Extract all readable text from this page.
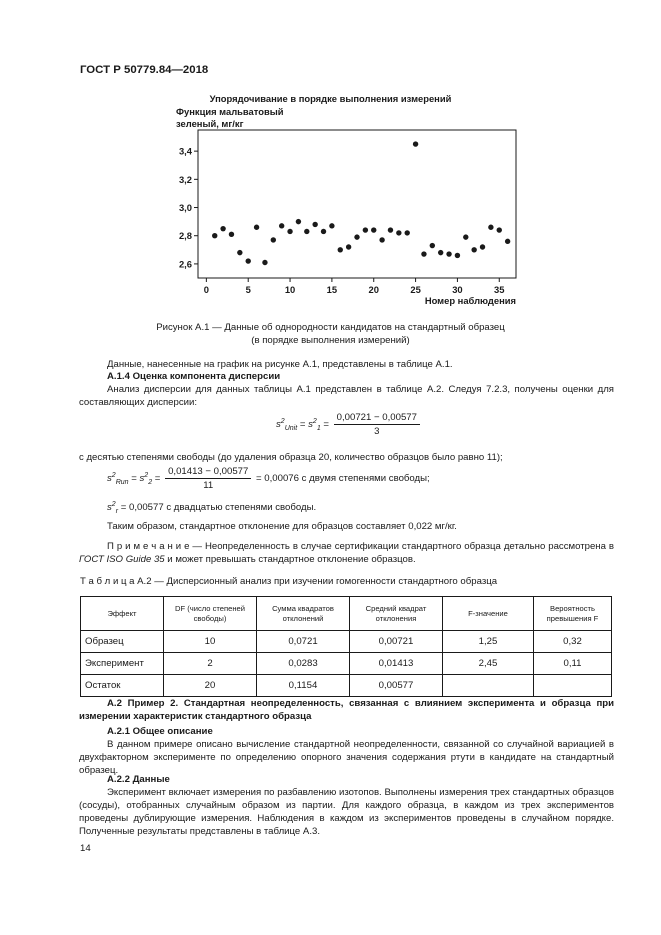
ГОСТ Р 50779.84—2018
Упорядочивание в порядке выполнения измерений
Функция мальватовый
зеленый, мг/кг
2,6
2,8
3,0
3,2
3,4
0	5	10	15	20	25	30	35
Номер наблюдения
Рисунок А.1 — Данные об однородности кандидатов на стандартный образец
(в порядке выполнения измерений)
Данные, нанесенные на график на рисунке А.1, представлены в таблице А.1.
А.1.4 Оценка компонента дисперсии
Анализ дисперсии для данных таблицы А.1 представлен в таблице А.2. Следуя 7.2.3, получены оценки для составляющих дисперсии:
$s^2_{Unit} = s^2_1 = \frac{0,00721 - 0,00577}{3}$
с десятью степенями свободы (до удаления образца 20, количество образцов было равно 11);
$s^2_{Run} = s^2_2 = \frac{0,01413 - 0,00577}{11} = 0,00076$ с двумя степенями свободы;
$s^2_r = 0,00577$ с двадцатью степенями свободы.
Таким образом, стандартное отклонение для образцов составляет 0,022 мг/кг.
П р и м е ч а н и е — Неопределенность в случае сертификации стандартного образца детально рассмотрена в ГОСТ ISO Guide 35 и может превышать стандартное отклонение образцов.
Т а б л и ц а А.2 — Дисперсионный анализ при изучении гомогенности стандартного образца
Эффект	DF (число степеней свободы)	Сумма квадратов отклонений	Средний квадрат отклонения	F-значение	Вероятность превышения F
Образец	10	0,0721	0,00721	1,25	0,32
Эксперимент	2	0,0283	0,01413	2,45	0,11
Остаток	20	0,1154	0,00577		
А.2 Пример 2. Стандартная неопределенность, связанная с влиянием эксперимента и образца при измерении характеристик стандартного образца
А.2.1 Общее описание
В данном примере описано вычисление стандартной неопределенности, связанной со случайной вариацией в двухфакторном эксперименте по определению опорного значения содержания ртути в кандидате на стандартный образец.
А.2.2 Данные
Эксперимент включает измерения по разбавлению изотопов. Выполнены измерения трех стандартных образцов (сосуды), отобранных случайным образом из партии. Для каждого образца, в каждом из трех экспериментов проведены дублирующие измерения. Наблюдения в каждом из экспериментов проведены в случайном порядке. Полученные результаты представлены в таблице А.3.
14
